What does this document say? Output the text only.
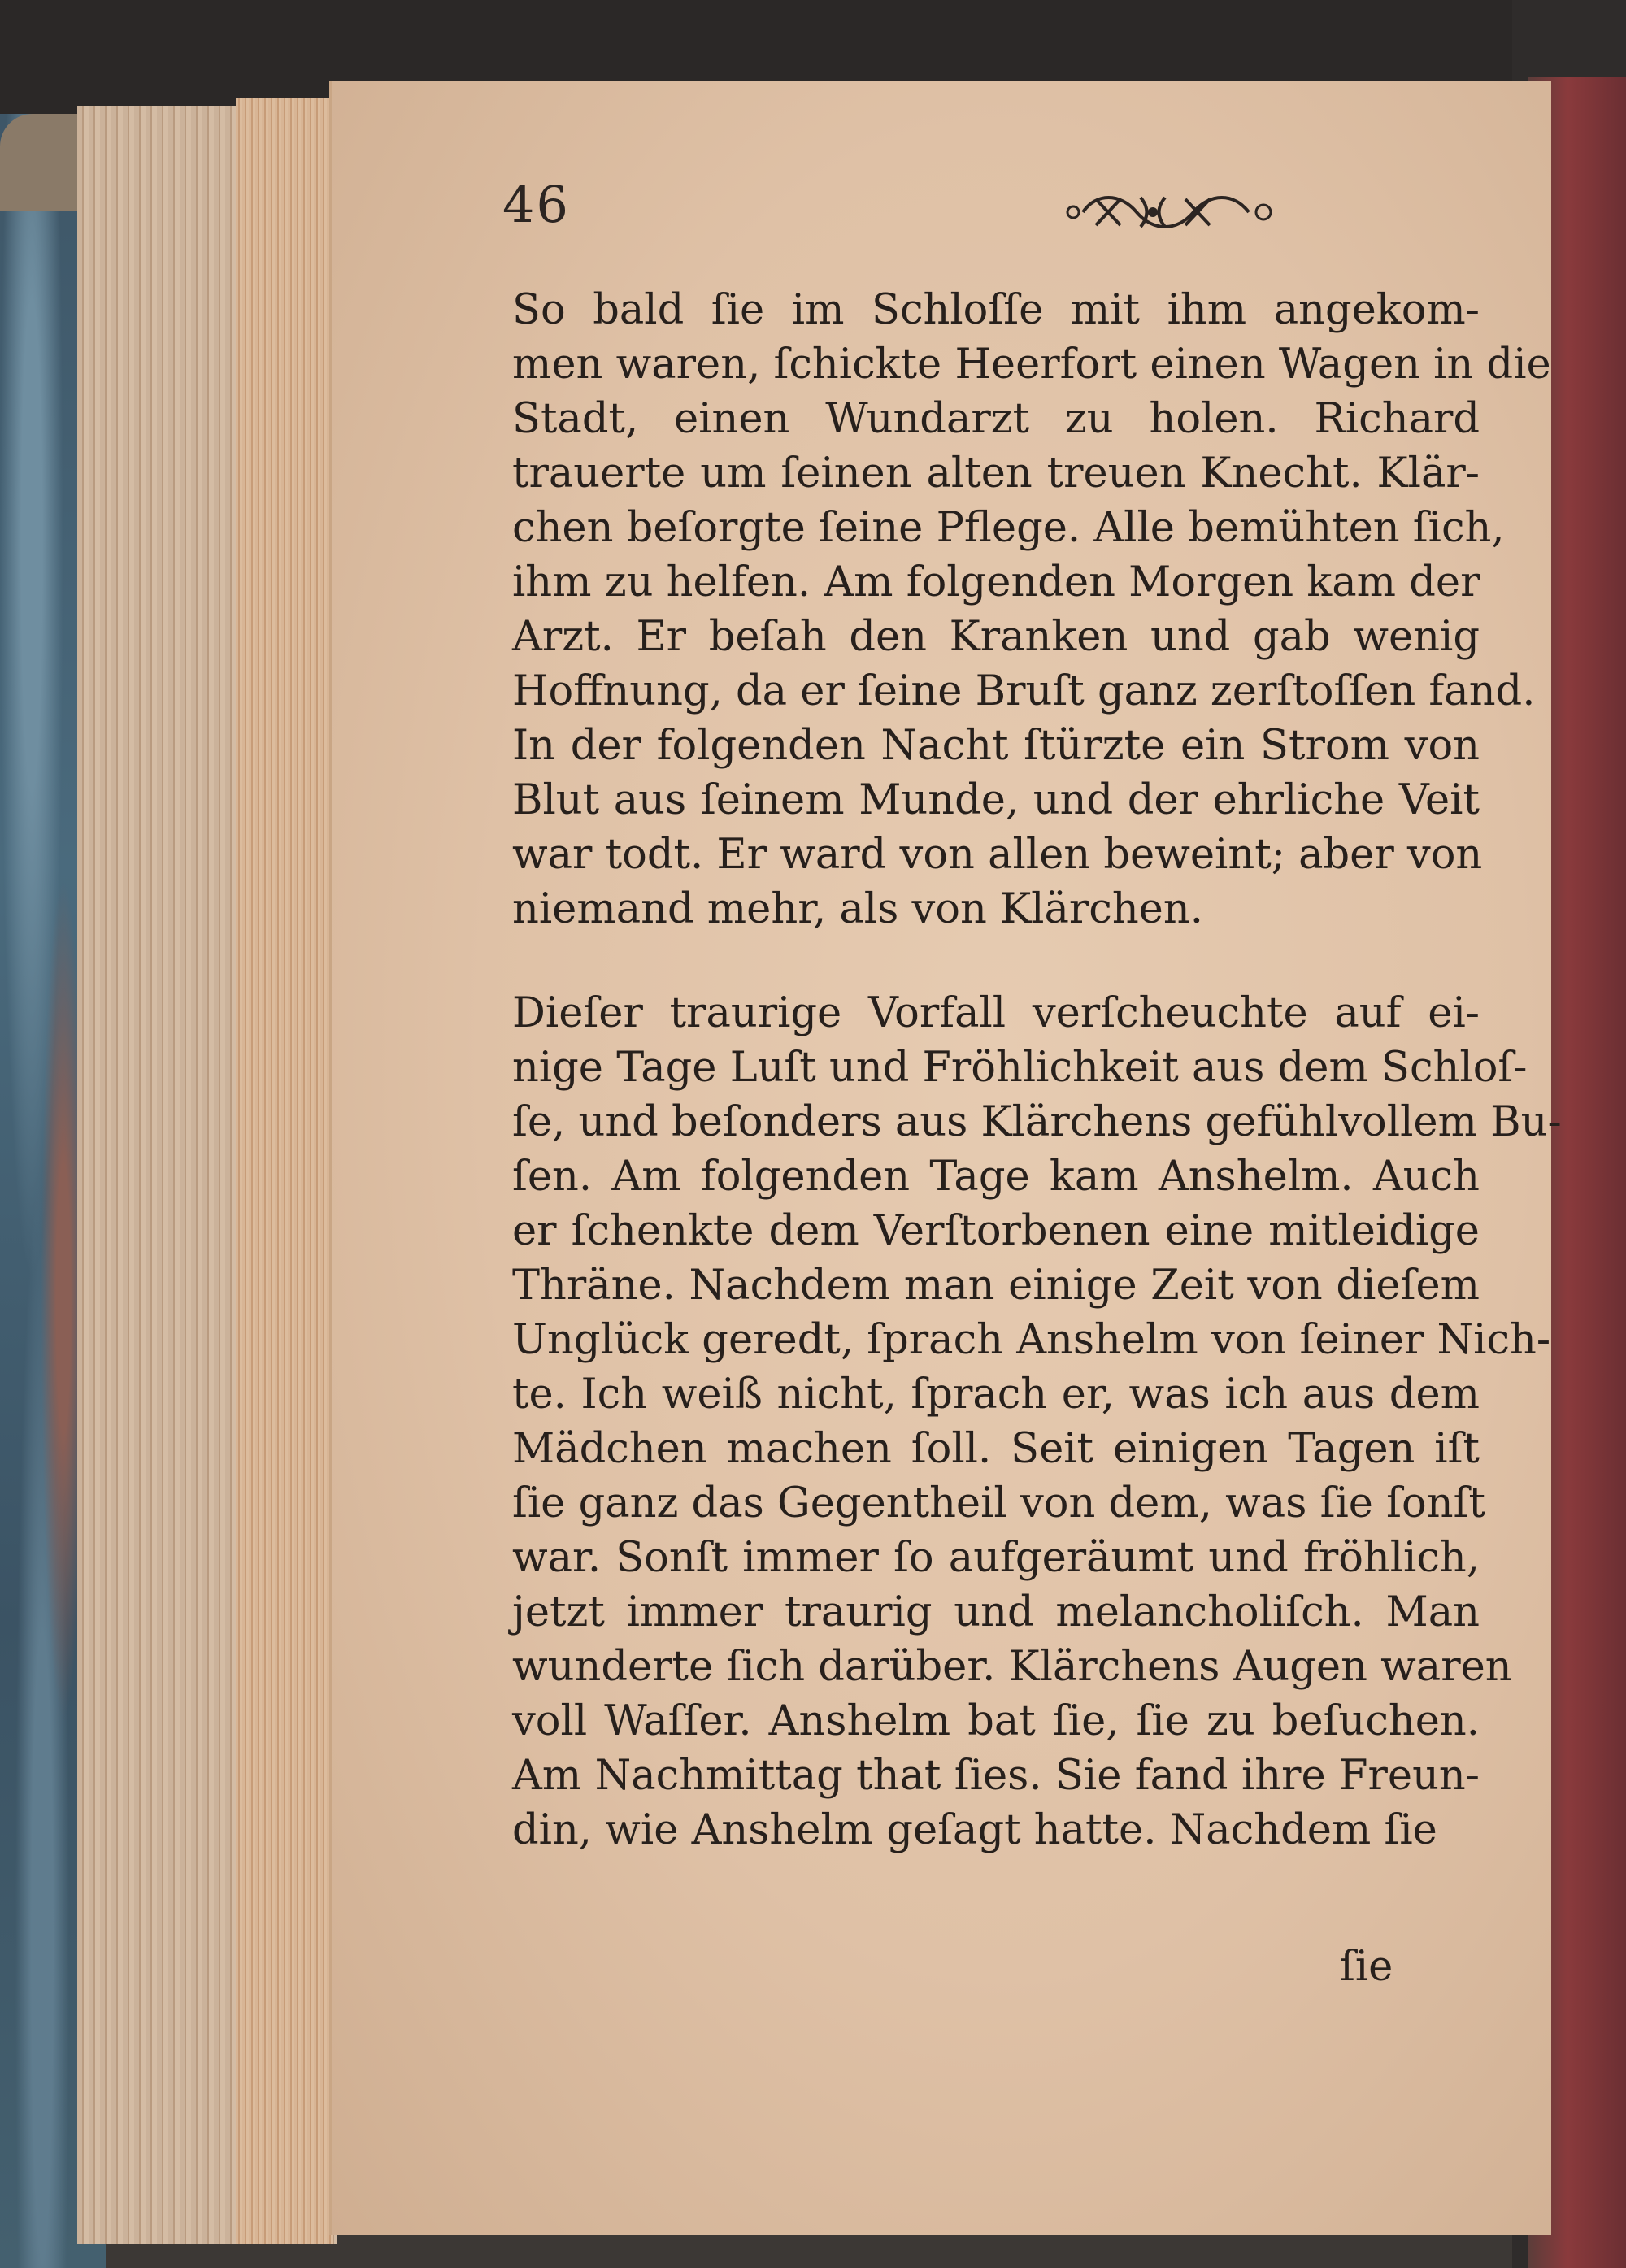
46
So bald ſie im Schloſſe mit ihm angekom-
men waren, ſchickte Heerfort einen Wagen in die
Stadt, einen Wundarzt zu holen. Richard
trauerte um ſeinen alten treuen Knecht. Klär-
chen beſorgte ſeine Pflege. Alle bemühten ſich,
ihm zu helfen. Am folgenden Morgen kam der
Arzt. Er beſah den Kranken und gab wenig
Hoffnung, da er ſeine Bruſt ganz zerſtoſſen fand.
In der folgenden Nacht ſtürzte ein Strom von
Blut aus ſeinem Munde, und der ehrliche Veit
war todt. Er ward von allen beweint; aber von
niemand mehr, als von Klärchen.
Dieſer traurige Vorfall verſcheuchte auf ei-
nige Tage Luſt und Fröhlichkeit aus dem Schloſ-
ſe, und beſonders aus Klärchens gefühlvollem Bu-
ſen. Am folgenden Tage kam Anshelm. Auch
er ſchenkte dem Verſtorbenen eine mitleidige
Thräne. Nachdem man einige Zeit von dieſem
Unglück geredt, ſprach Anshelm von ſeiner Nich-
te. Ich weiß nicht, ſprach er, was ich aus dem
Mädchen machen ſoll. Seit einigen Tagen iſt
ſie ganz das Gegentheil von dem, was ſie ſonſt
war. Sonſt immer ſo aufgeräumt und fröhlich,
jetzt immer traurig und melancholiſch. Man
wunderte ſich darüber. Klärchens Augen waren
voll Waſſer. Anshelm bat ſie, ſie zu beſuchen.
Am Nachmittag that ſies. Sie fand ihre Freun-
din, wie Anshelm geſagt hatte. Nachdem ſie
ſie
